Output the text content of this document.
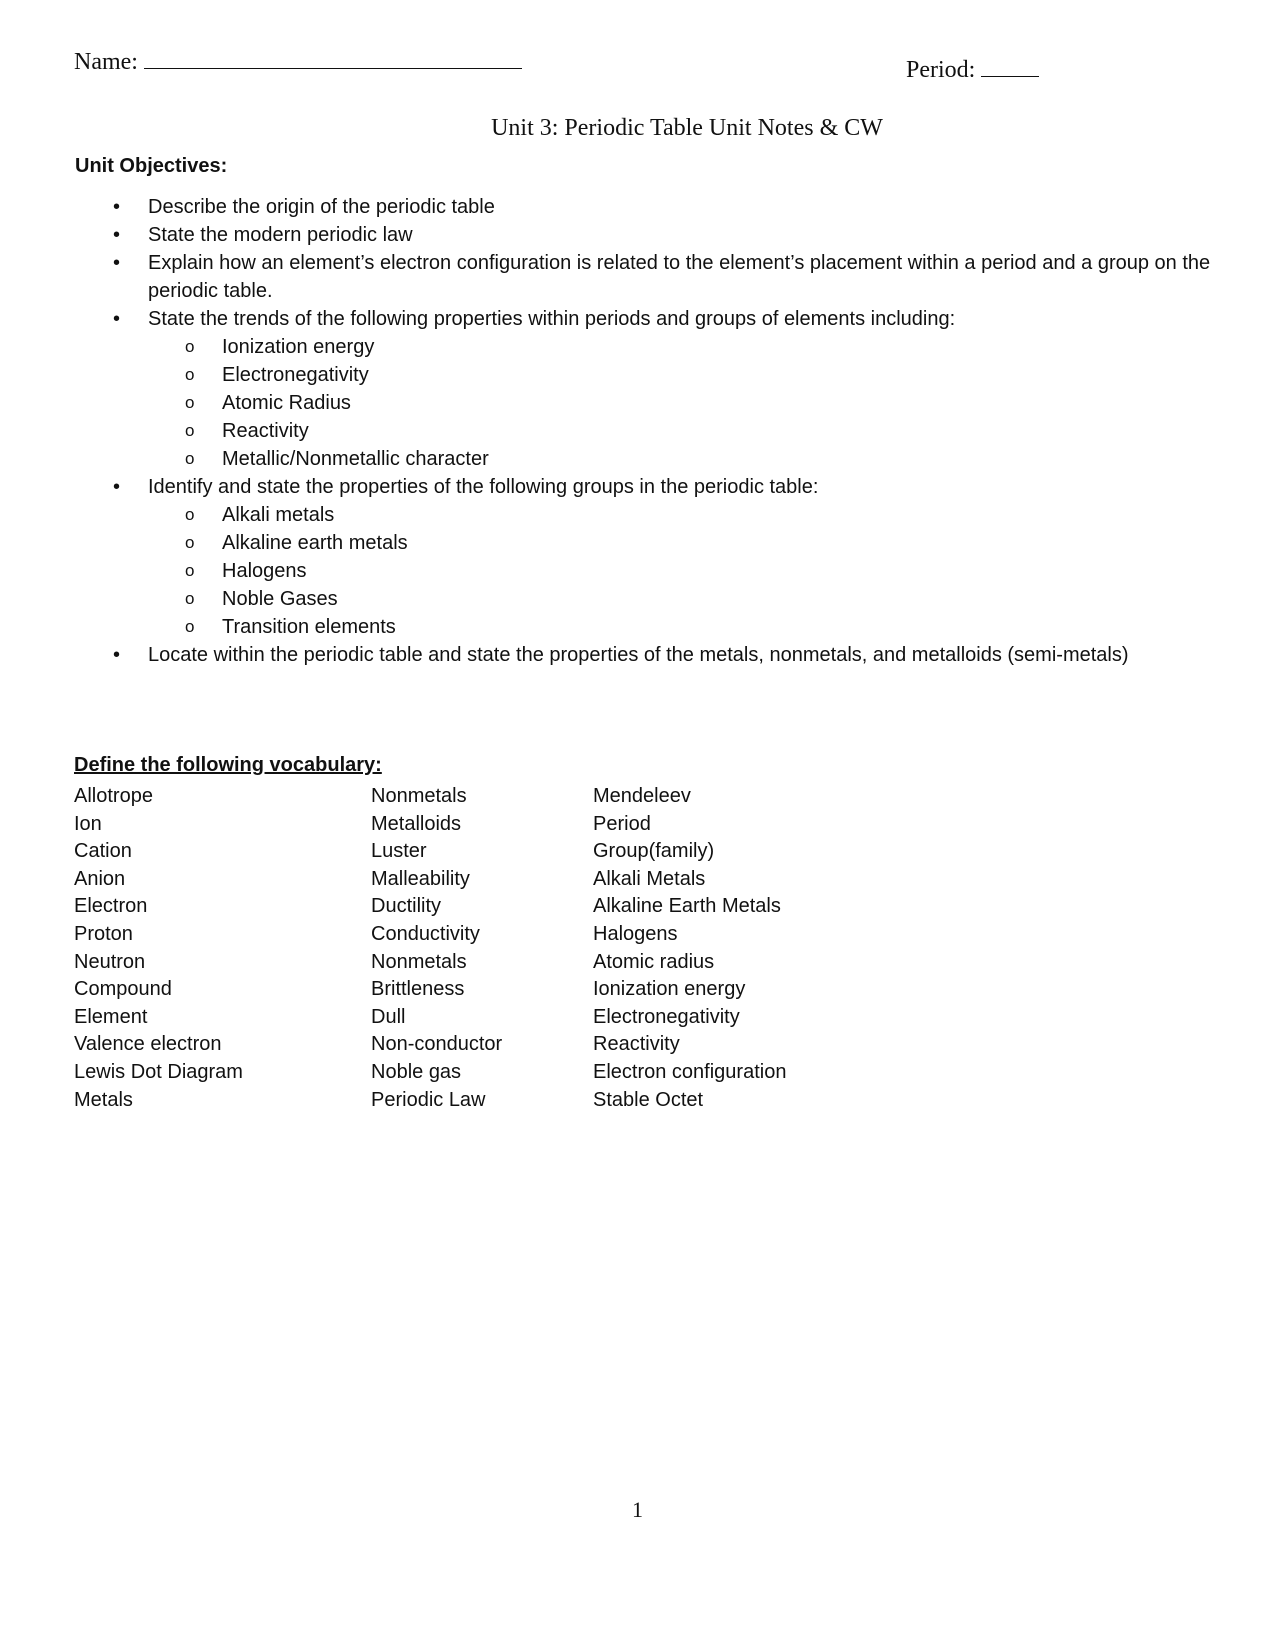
Name:	Period:
Unit 3: Periodic Table Unit Notes & CW
Unit Objectives:
• Describe the origin of the periodic table
• State the modern periodic law
• Explain how an element’s electron configuration is related to the element’s placement within a period and a group on the periodic table.
• State the trends of the following properties within periods and groups of elements including:
o Ionization energy
o Electronegativity
o Atomic Radius
o Reactivity
o Metallic/Nonmetallic character
• Identify and state the properties of the following groups in the periodic table:
o Alkali metals
o Alkaline earth metals
o Halogens
o Noble Gases
o Transition elements
• Locate within the periodic table and state the properties of the metals, nonmetals, and metalloids (semi-metals)
Define the following vocabulary:
Allotrope
Ion
Cation
Anion
Electron
Proton
Neutron
Compound
Element
Valence electron
Lewis Dot Diagram
Metals
Nonmetals
Metalloids
Luster
Malleability
Ductility
Conductivity
Nonmetals
Brittleness
Dull
Non-conductor
Noble gas
Periodic Law
Mendeleev
Period
Group(family)
Alkali Metals
Alkaline Earth Metals
Halogens
Atomic radius
Ionization energy
Electronegativity
Reactivity
Electron configuration
Stable Octet
1
